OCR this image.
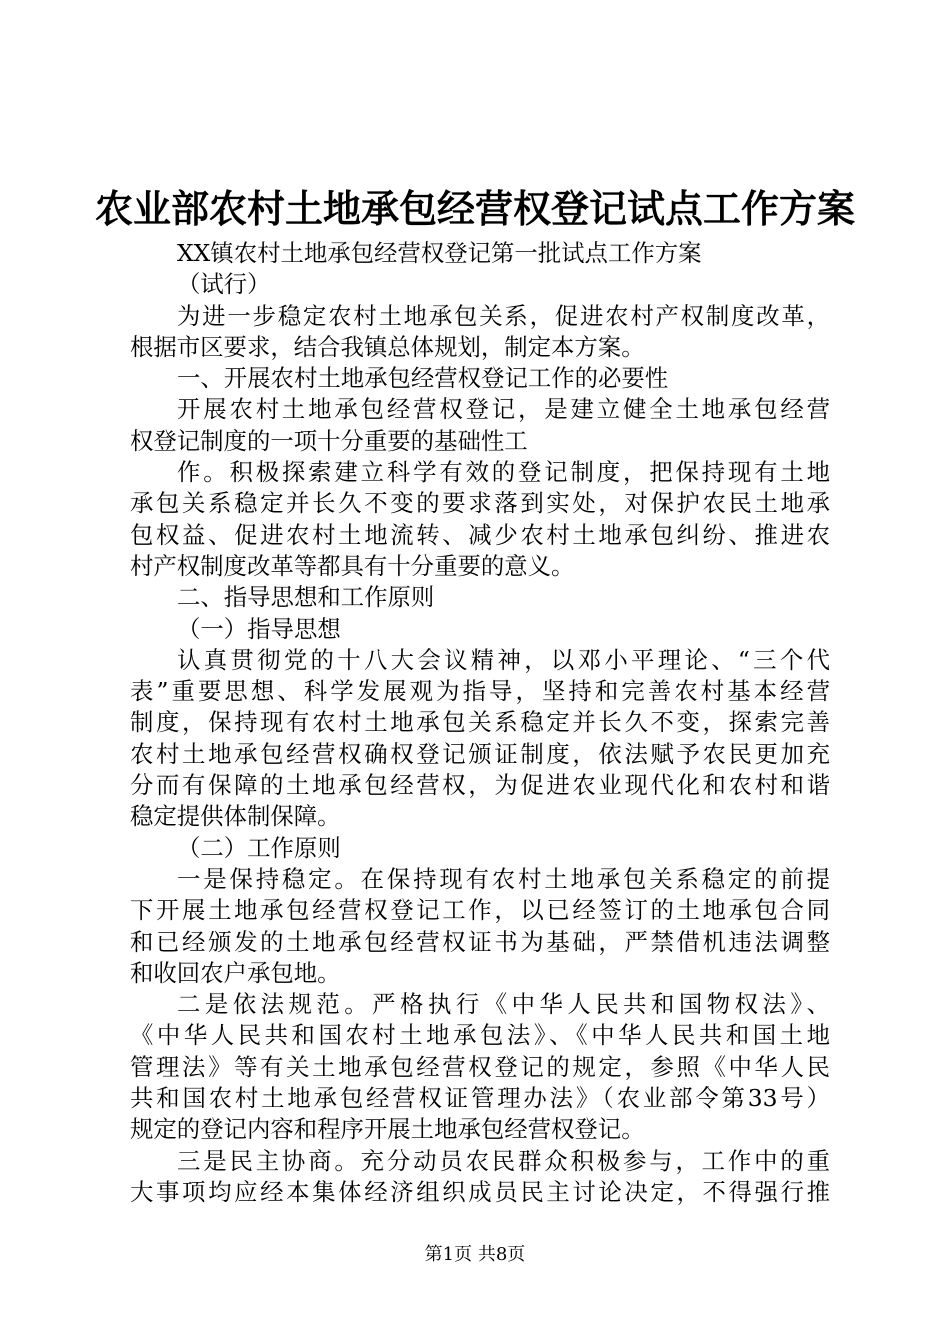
农业部农村土地承包经营权登记试点工作方案
XX镇农村土地承包经营权登记第一批试点工作方案
（试行）
为进一步稳定农村土地承包关系，促进农村产权制度改革，
根据市区要求，结合我镇总体规划，制定本方案。
一、开展农村土地承包经营权登记工作的必要性
开展农村土地承包经营权登记，是建立健全土地承包经营
权登记制度的一项十分重要的基础性工
作。积极探索建立科学有效的登记制度，把保持现有土地
承包关系稳定并长久不变的要求落到实处，对保护农民土地承
包权益、促进农村土地流转、减少农村土地承包纠纷、推进农
村产权制度改革等都具有十分重要的意义。
二、指导思想和工作原则
（一）指导思想
认真贯彻党的十八大会议精神，以邓小平理论、“三个代
表”重要思想、科学发展观为指导，坚持和完善农村基本经营
制度，保持现有农村土地承包关系稳定并长久不变，探索完善
农村土地承包经营权确权登记颁证制度，依法赋予农民更加充
分而有保障的土地承包经营权，为促进农业现代化和农村和谐
稳定提供体制保障。
（二）工作原则
一是保持稳定。在保持现有农村土地承包关系稳定的前提
下开展土地承包经营权登记工作，以已经签订的土地承包合同
和已经颁发的土地承包经营权证书为基础，严禁借机违法调整
和收回农户承包地。
二是依法规范。严格执行《中华人民共和国物权法》、
《中华人民共和国农村土地承包法》、《中华人民共和国土地
管理法》等有关土地承包经营权登记的规定，参照《中华人民
共和国农村土地承包经营权证管理办法》（农业部令第33号）
规定的登记内容和程序开展土地承包经营权登记。
三是民主协商。充分动员农民群众积极参与，工作中的重
大事项均应经本集体经济组织成员民主讨论决定，不得强行推
第1页 共8页
